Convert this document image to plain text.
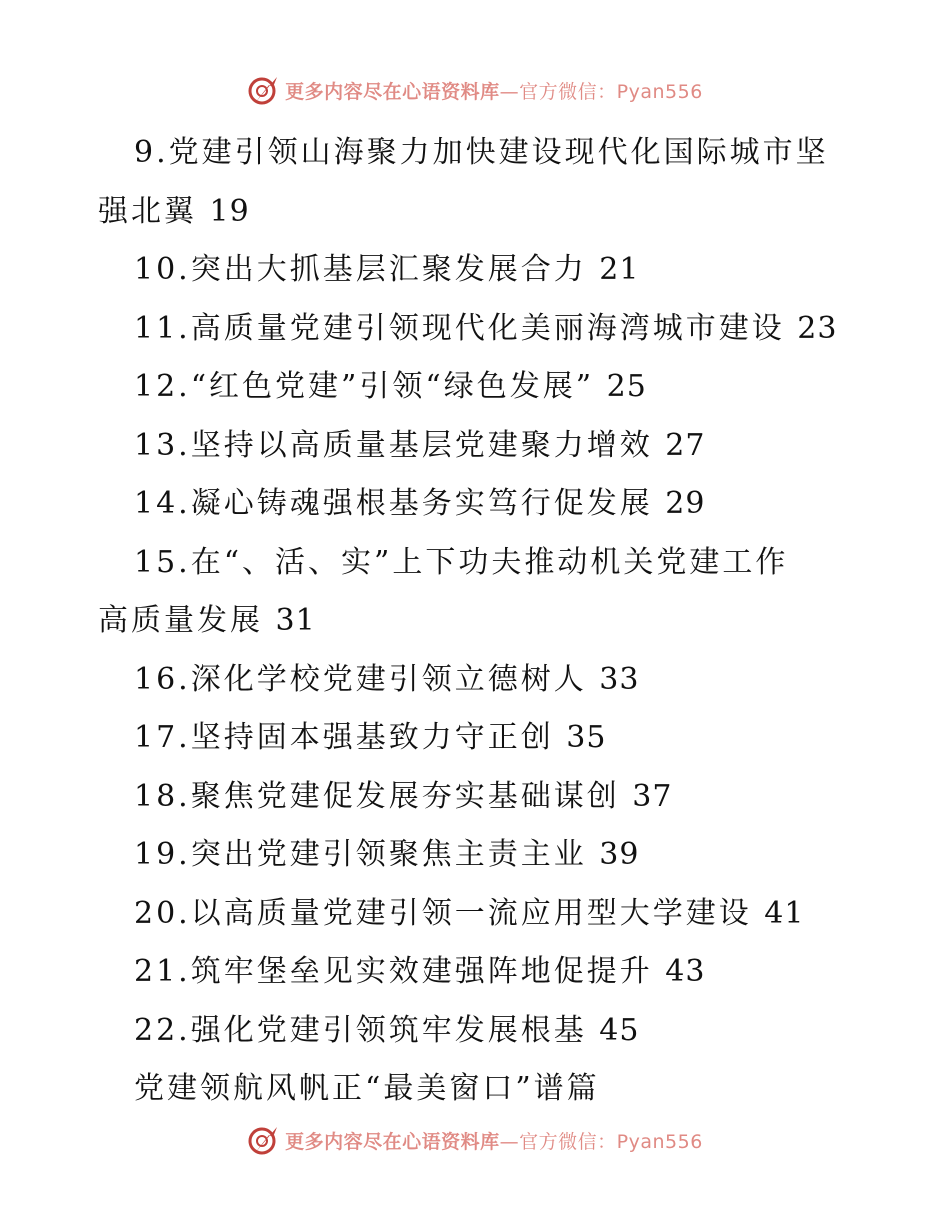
更多内容尽在心语资料库—官方微信：Pyan556
9.党建引领山海聚力加快建设现代化国际城市坚
强北翼 19
10.突出大抓基层汇聚发展合力 21
11.高质量党建引领现代化美丽海湾城市建设 23
12.“红色党建”引领“绿色发展” 25
13.坚持以高质量基层党建聚力增效 27
14.凝心铸魂强根基务实笃行促发展 29
15.在“、活、实”上下功夫推动机关党建工作
高质量发展 31
16.深化学校党建引领立德树人 33
17.坚持固本强基致力守正创 35
18.聚焦党建促发展夯实基础谋创 37
19.突出党建引领聚焦主责主业 39
20.以高质量党建引领一流应用型大学建设 41
21.筑牢堡垒见实效建强阵地促提升 43
22.强化党建引领筑牢发展根基 45
党建领航风帆正“最美窗口”谱篇
更多内容尽在心语资料库—官方微信：Pyan556
